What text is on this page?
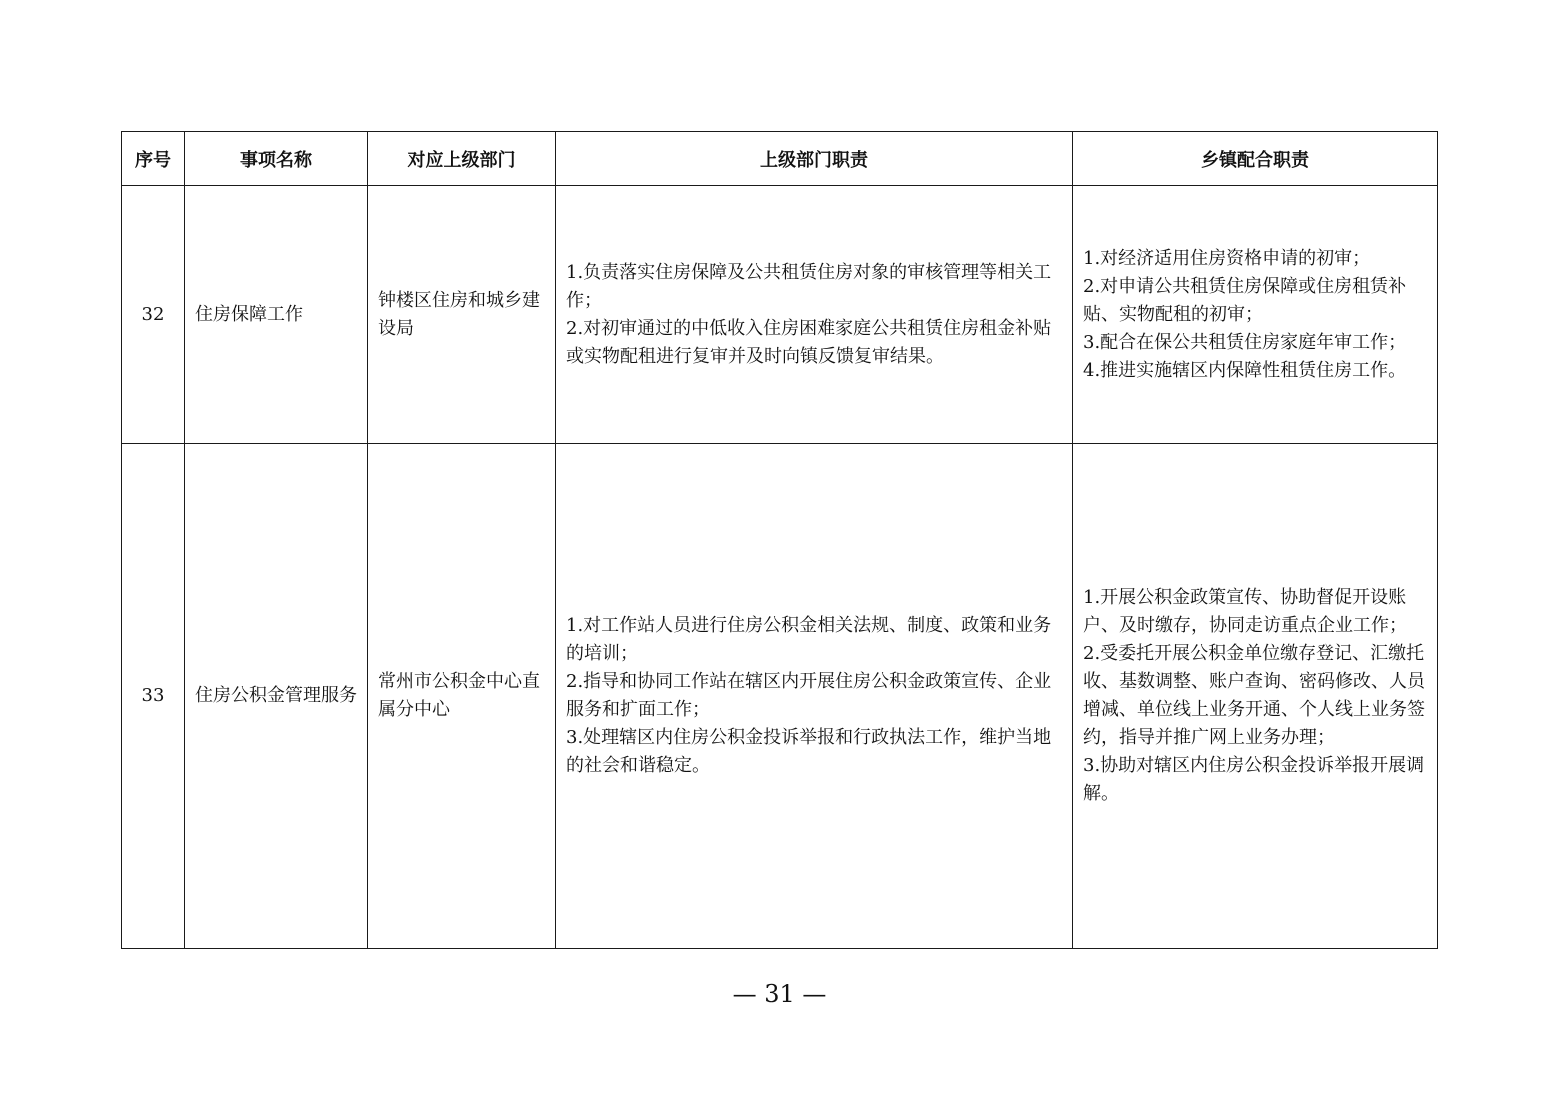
序号	事项名称	对应上级部门	上级部门职责	乡镇配合职责
32	住房保障工作	钟楼区住房和城乡建设局	1.负责落实住房保障及公共租赁住房对象的审核管理等相关工作；
2.对初审通过的中低收入住房困难家庭公共租赁住房租金补贴或实物配租进行复审并及时向镇反馈复审结果。	1.对经济适用住房资格申请的初审；
2.对申请公共租赁住房保障或住房租赁补贴、实物配租的初审；
3.配合在保公共租赁住房家庭年审工作；
4.推进实施辖区内保障性租赁住房工作。

33	住房公积金管理服务	常州市公积金中心直属分中心	1.对工作站人员进行住房公积金相关法规、制度、政策和业务的培训；
2.指导和协同工作站在辖区内开展住房公积金政策宣传、企业服务和扩面工作；
3.处理辖区内住房公积金投诉举报和行政执法工作，维护当地的社会和谐稳定。	1.开展公积金政策宣传、协助督促开设账户、及时缴存，协同走访重点企业工作；
2.受委托开展公积金单位缴存登记、汇缴托收、基数调整、账户查询、密码修改、人员增减、单位线上业务开通、个人线上业务签约，指导并推广网上业务办理；
3.协助对辖区内住房公积金投诉举报开展调解。
— 31 —
